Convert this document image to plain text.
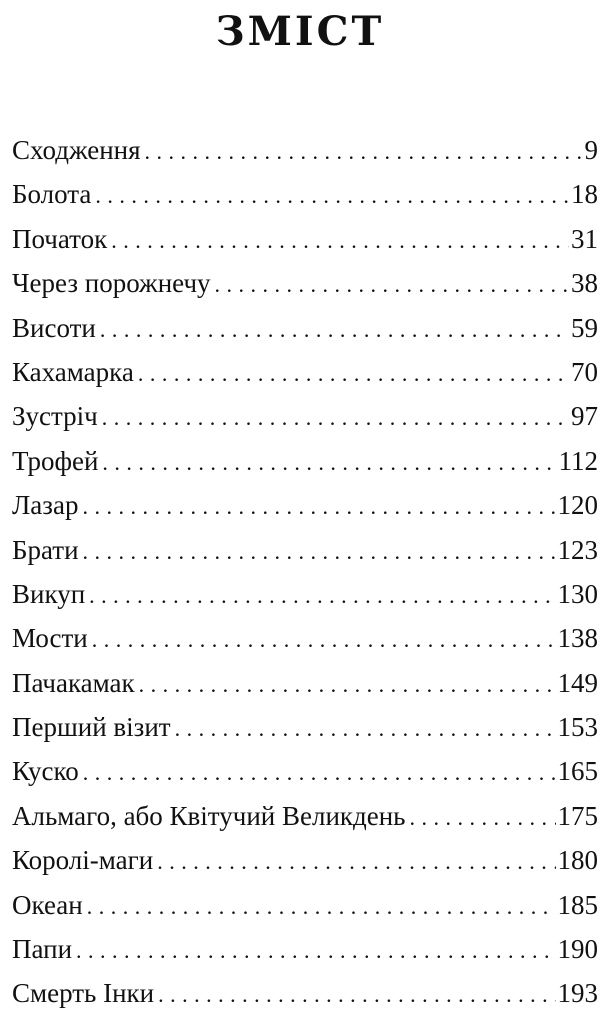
ЗМІСТ
Сходження . . .	9
Болота . . .	18
Початок . . .	31
Через порожнечу . . .	38
Висоти . . .	59
Кахамарка . . .	70
Зустріч . . .	97
Трофей . . .	112
Лазар . . .	120
Брати . . .	123
Викуп . . .	130
Мости . . .	138
Пачакамак . . .	149
Перший візит . . .	153
Куско . . .	165
Альмаго, або Квітучий Великдень . . .	175
Королі-маги . . .	180
Океан . . .	185
Папи . . .	190
Смерть Інки . . .	193
